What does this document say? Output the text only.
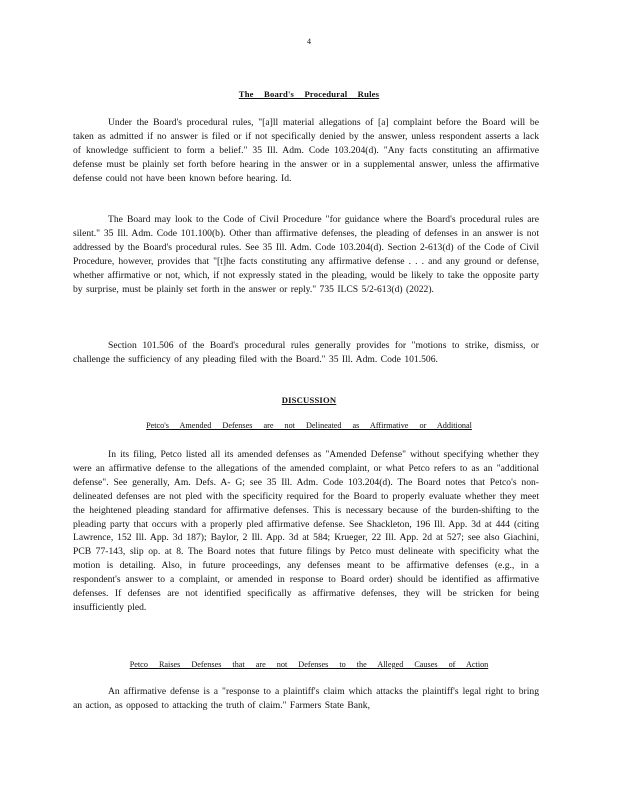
4
The Board's Procedural Rules
Under the Board's procedural rules, "[a]ll material allegations of [a] complaint before the Board will be taken as admitted if no answer is filed or if not specifically denied by the answer, unless respondent asserts a lack of knowledge sufficient to form a belief." 35 Ill. Adm. Code 103.204(d). "Any facts constituting an affirmative defense must be plainly set forth before hearing in the answer or in a supplemental answer, unless the affirmative defense could not have been known before hearing. Id.
The Board may look to the Code of Civil Procedure "for guidance where the Board's procedural rules are silent." 35 Ill. Adm. Code 101.100(b). Other than affirmative defenses, the pleading of defenses in an answer is not addressed by the Board's procedural rules. See 35 Ill. Adm. Code 103.204(d). Section 2-613(d) of the Code of Civil Procedure, however, provides that "[t]he facts constituting any affirmative defense . . . and any ground or defense, whether affirmative or not, which, if not expressly stated in the pleading, would be likely to take the opposite party by surprise, must be plainly set forth in the answer or reply." 735 ILCS 5/2-613(d) (2022).
Section 101.506 of the Board's procedural rules generally provides for "motions to strike, dismiss, or challenge the sufficiency of any pleading filed with the Board." 35 Ill. Adm. Code 101.506.
DISCUSSION
Petco's Amended Defenses are not Delineated as Affirmative or Additional
In its filing, Petco listed all its amended defenses as "Amended Defense" without specifying whether they were an affirmative defense to the allegations of the amended complaint, or what Petco refers to as an "additional defense". See generally, Am. Defs. A- G; see 35 Ill. Adm. Code 103.204(d). The Board notes that Petco's non-delineated defenses are not pled with the specificity required for the Board to properly evaluate whether they meet the heightened pleading standard for affirmative defenses. This is necessary because of the burden-shifting to the pleading party that occurs with a properly pled affirmative defense. See Shackleton, 196 Ill. App. 3d at 444 (citing Lawrence, 152 Ill. App. 3d 187); Baylor, 2 Ill. App. 3d at 584; Krueger, 22 Ill. App. 2d at 527; see also Giachini, PCB 77-143, slip op. at 8. The Board notes that future filings by Petco must delineate with specificity what the motion is detailing. Also, in future proceedings, any defenses meant to be affirmative defenses (e.g., in a respondent's answer to a complaint, or amended in response to Board order) should be identified as affirmative defenses. If defenses are not identified specifically as affirmative defenses, they will be stricken for being insufficiently pled.
Petco Raises Defenses that are not Defenses to the Alleged Causes of Action
An affirmative defense is a "response to a plaintiff's claim which attacks the plaintiff's legal right to bring an action, as opposed to attacking the truth of claim." Farmers State Bank,
